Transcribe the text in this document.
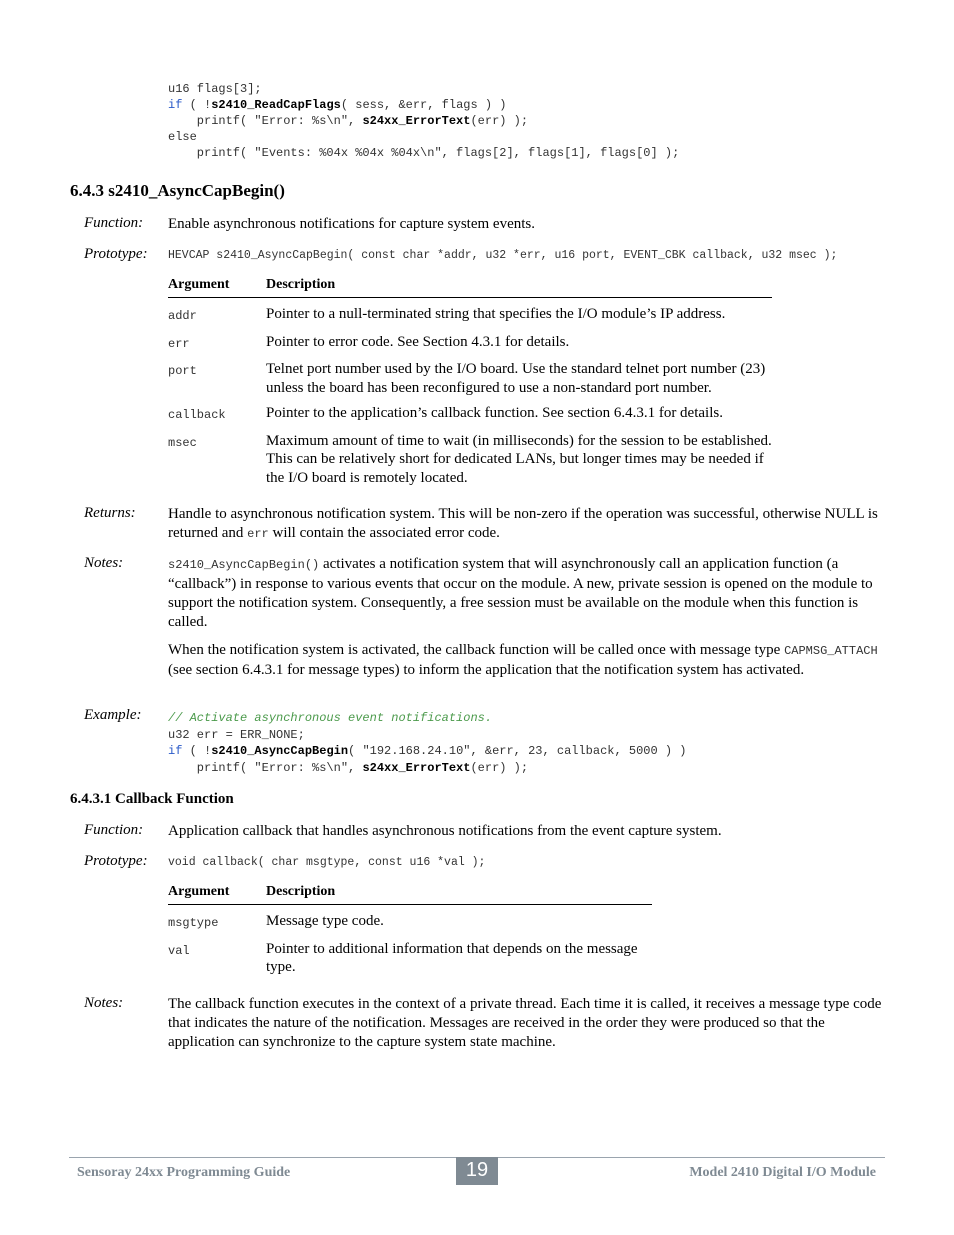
u16 flags[3];
if ( !s2410_ReadCapFlags( sess, &err, flags ) )
printf( "Error: %s\n", s24xx_ErrorText(err) );
else
printf( "Events: %04x %04x %04x\n", flags[2], flags[1], flags[0] );
6.4.3 s2410_AsyncCapBegin()
Function: Enable asynchronous notifications for capture system events.
Prototype: HEVCAP s2410_AsyncCapBegin( const char *addr, u32 *err, u16 port, EVENT_CBK callback, u32 msec );
Argument	Description
addr	Pointer to a null-terminated string that specifies the I/O module’s IP address.
err	Pointer to error code. See Section 4.3.1 for details.
port	Telnet port number used by the I/O board. Use the standard telnet port number (23) unless the board has been reconfigured to use a non-standard port number.
callback	Pointer to the application’s callback function. See section 6.4.3.1 for details.
msec	Maximum amount of time to wait (in milliseconds) for the session to be established. This can be relatively short for dedicated LANs, but longer times may be needed if the I/O board is remotely located.
Returns: Handle to asynchronous notification system. This will be non-zero if the operation was successful, otherwise NULL is returned and err will contain the associated error code.
Notes:	s2410_AsyncCapBegin() activates a notification system that will asynchronously call an application function (a “callback”) in response to various events that occur on the module. A new, private session is opened on the module to support the notification system. Consequently, a free session must be available on the module when this function is called.

When the notification system is activated, the callback function will be called once with message type CAPMSG_ATTACH (see section 6.4.3.1 for message types) to inform the application that the notification system has activated.

Example: // Activate asynchronous event notifications.
u32 err = ERR_NONE;
if ( !s2410_AsyncCapBegin( "192.168.24.10", &err, 23, callback, 5000 ) )
printf( "Error: %s\n", s24xx_ErrorText(err) );
6.4.3.1 Callback Function
Function: Application callback that handles asynchronous notifications from the event capture system.
Prototype: void callback( char msgtype, const u16 *val );
Argument	Description
msgtype	Message type code.
val	Pointer to additional information that depends on the message type.
Notes:	The callback function executes in the context of a private thread. Each time it is called, it receives a message type code that indicates the nature of the notification. Messages are received in the order they were produced so that the application can synchronize to the capture system state machine.
Sensoray 24xx Programming Guide	19	Model 2410 Digital I/O Module
